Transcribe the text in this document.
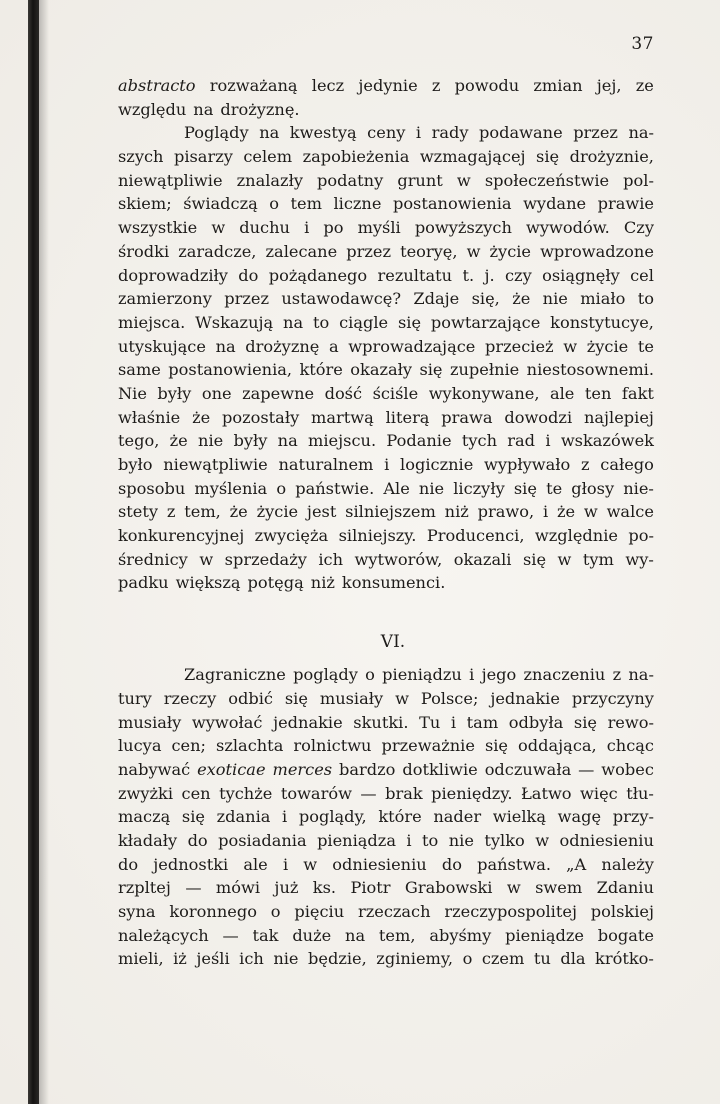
37
abstracto rozważaną lecz jedynie z powodu zmian jej, ze
względu na drożyznę.
Poglądy na kwestyą ceny i rady podawane przez na-
szych pisarzy celem zapobieżenia wzmagającej się drożyznie,
niewątpliwie znalazły podatny grunt w społeczeństwie pol-
skiem; świadczą o tem liczne postanowienia wydane prawie
wszystkie w duchu i po myśli powyższych wywodów. Czy
środki zaradcze, zalecane przez teoryę, w życie wprowadzone
doprowadziły do pożądanego rezultatu t. j. czy osiągnęły cel
zamierzony przez ustawodawcę? Zdaje się, że nie miało to
miejsca. Wskazują na to ciągle się powtarzające konstytucye,
utyskujące na drożyznę a wprowadzające przecież w życie te
same postanowienia, które okazały się zupełnie niestosownemi.
Nie były one zapewne dość ściśle wykonywane, ale ten fakt
właśnie że pozostały martwą literą prawa dowodzi najlepiej
tego, że nie były na miejscu. Podanie tych rad i wskazówek
było niewątpliwie naturalnem i logicznie wypływało z całego
sposobu myślenia o państwie. Ale nie liczyły się te głosy nie-
stety z tem, że życie jest silniejszem niż prawo, i że w walce
konkurencyjnej zwycięża silniejszy. Producenci, względnie po-
średnicy w sprzedaży ich wytworów, okazali się w tym wy-
padku większą potęgą niż konsumenci.
VI.
Zagraniczne poglądy o pieniądzu i jego znaczeniu z na-
tury rzeczy odbić się musiały w Polsce; jednakie przyczyny
musiały wywołać jednakie skutki. Tu i tam odbyła się rewo-
lucya cen; szlachta rolnictwu przeważnie się oddająca, chcąc
nabywać exoticae merces bardzo dotkliwie odczuwała — wobec
zwyżki cen tychże towarów — brak pieniędzy. Łatwo więc tłu-
maczą się zdania i poglądy, które nader wielką wagę przy-
kładały do posiadania pieniądza i to nie tylko w odniesieniu
do jednostki ale i w odniesieniu do państwa. „A należy
rzpltej — mówi już ks. Piotr Grabowski w swem Zdaniu
syna koronnego o pięciu rzeczach rzeczypospolitej polskiej
należących — tak duże na tem, abyśmy pieniądze bogate
mieli, iż jeśli ich nie będzie, zginiemy, o czem tu dla krótko-
